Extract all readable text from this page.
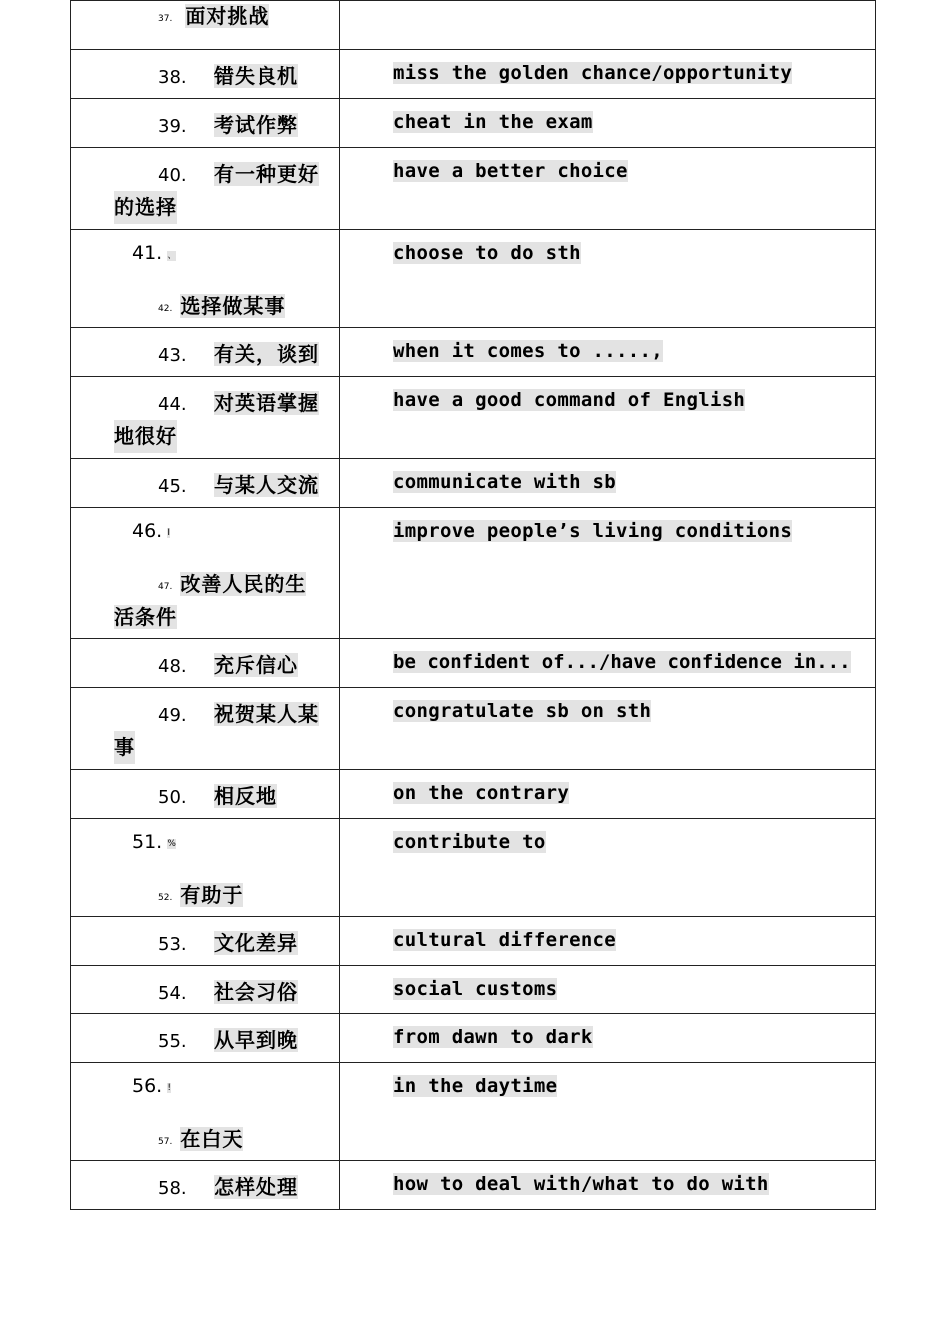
37. 面对挑战	

38. 错失良机	miss the golden chance/opportunity

39. 考试作弊	cheat in the exam

40. 有一种更好
的选择	have a better choice

41. 、
42. 选择做某事	choose to do sth

43. 有关，谈到	when it comes to .....,

44. 对英语掌握
地很好	have a good command of English

45. 与某人交流	communicate with sb

46. I
47. 改善人民的生
活条件	improve people’s living conditions

48. 充斥信心	be confident of.../have confidence in...

49. 祝贺某人某
事	congratulate sb on sth

50. 相反地	on the contrary

51. %
52. 有助于	contribute to

53. 文化差异	cultural difference

54. 社会习俗	social customs

55. 从早到晚	from dawn to dark

56. !
57. 在白天	in the daytime

58. 怎样处理	how to deal with/what to do with
